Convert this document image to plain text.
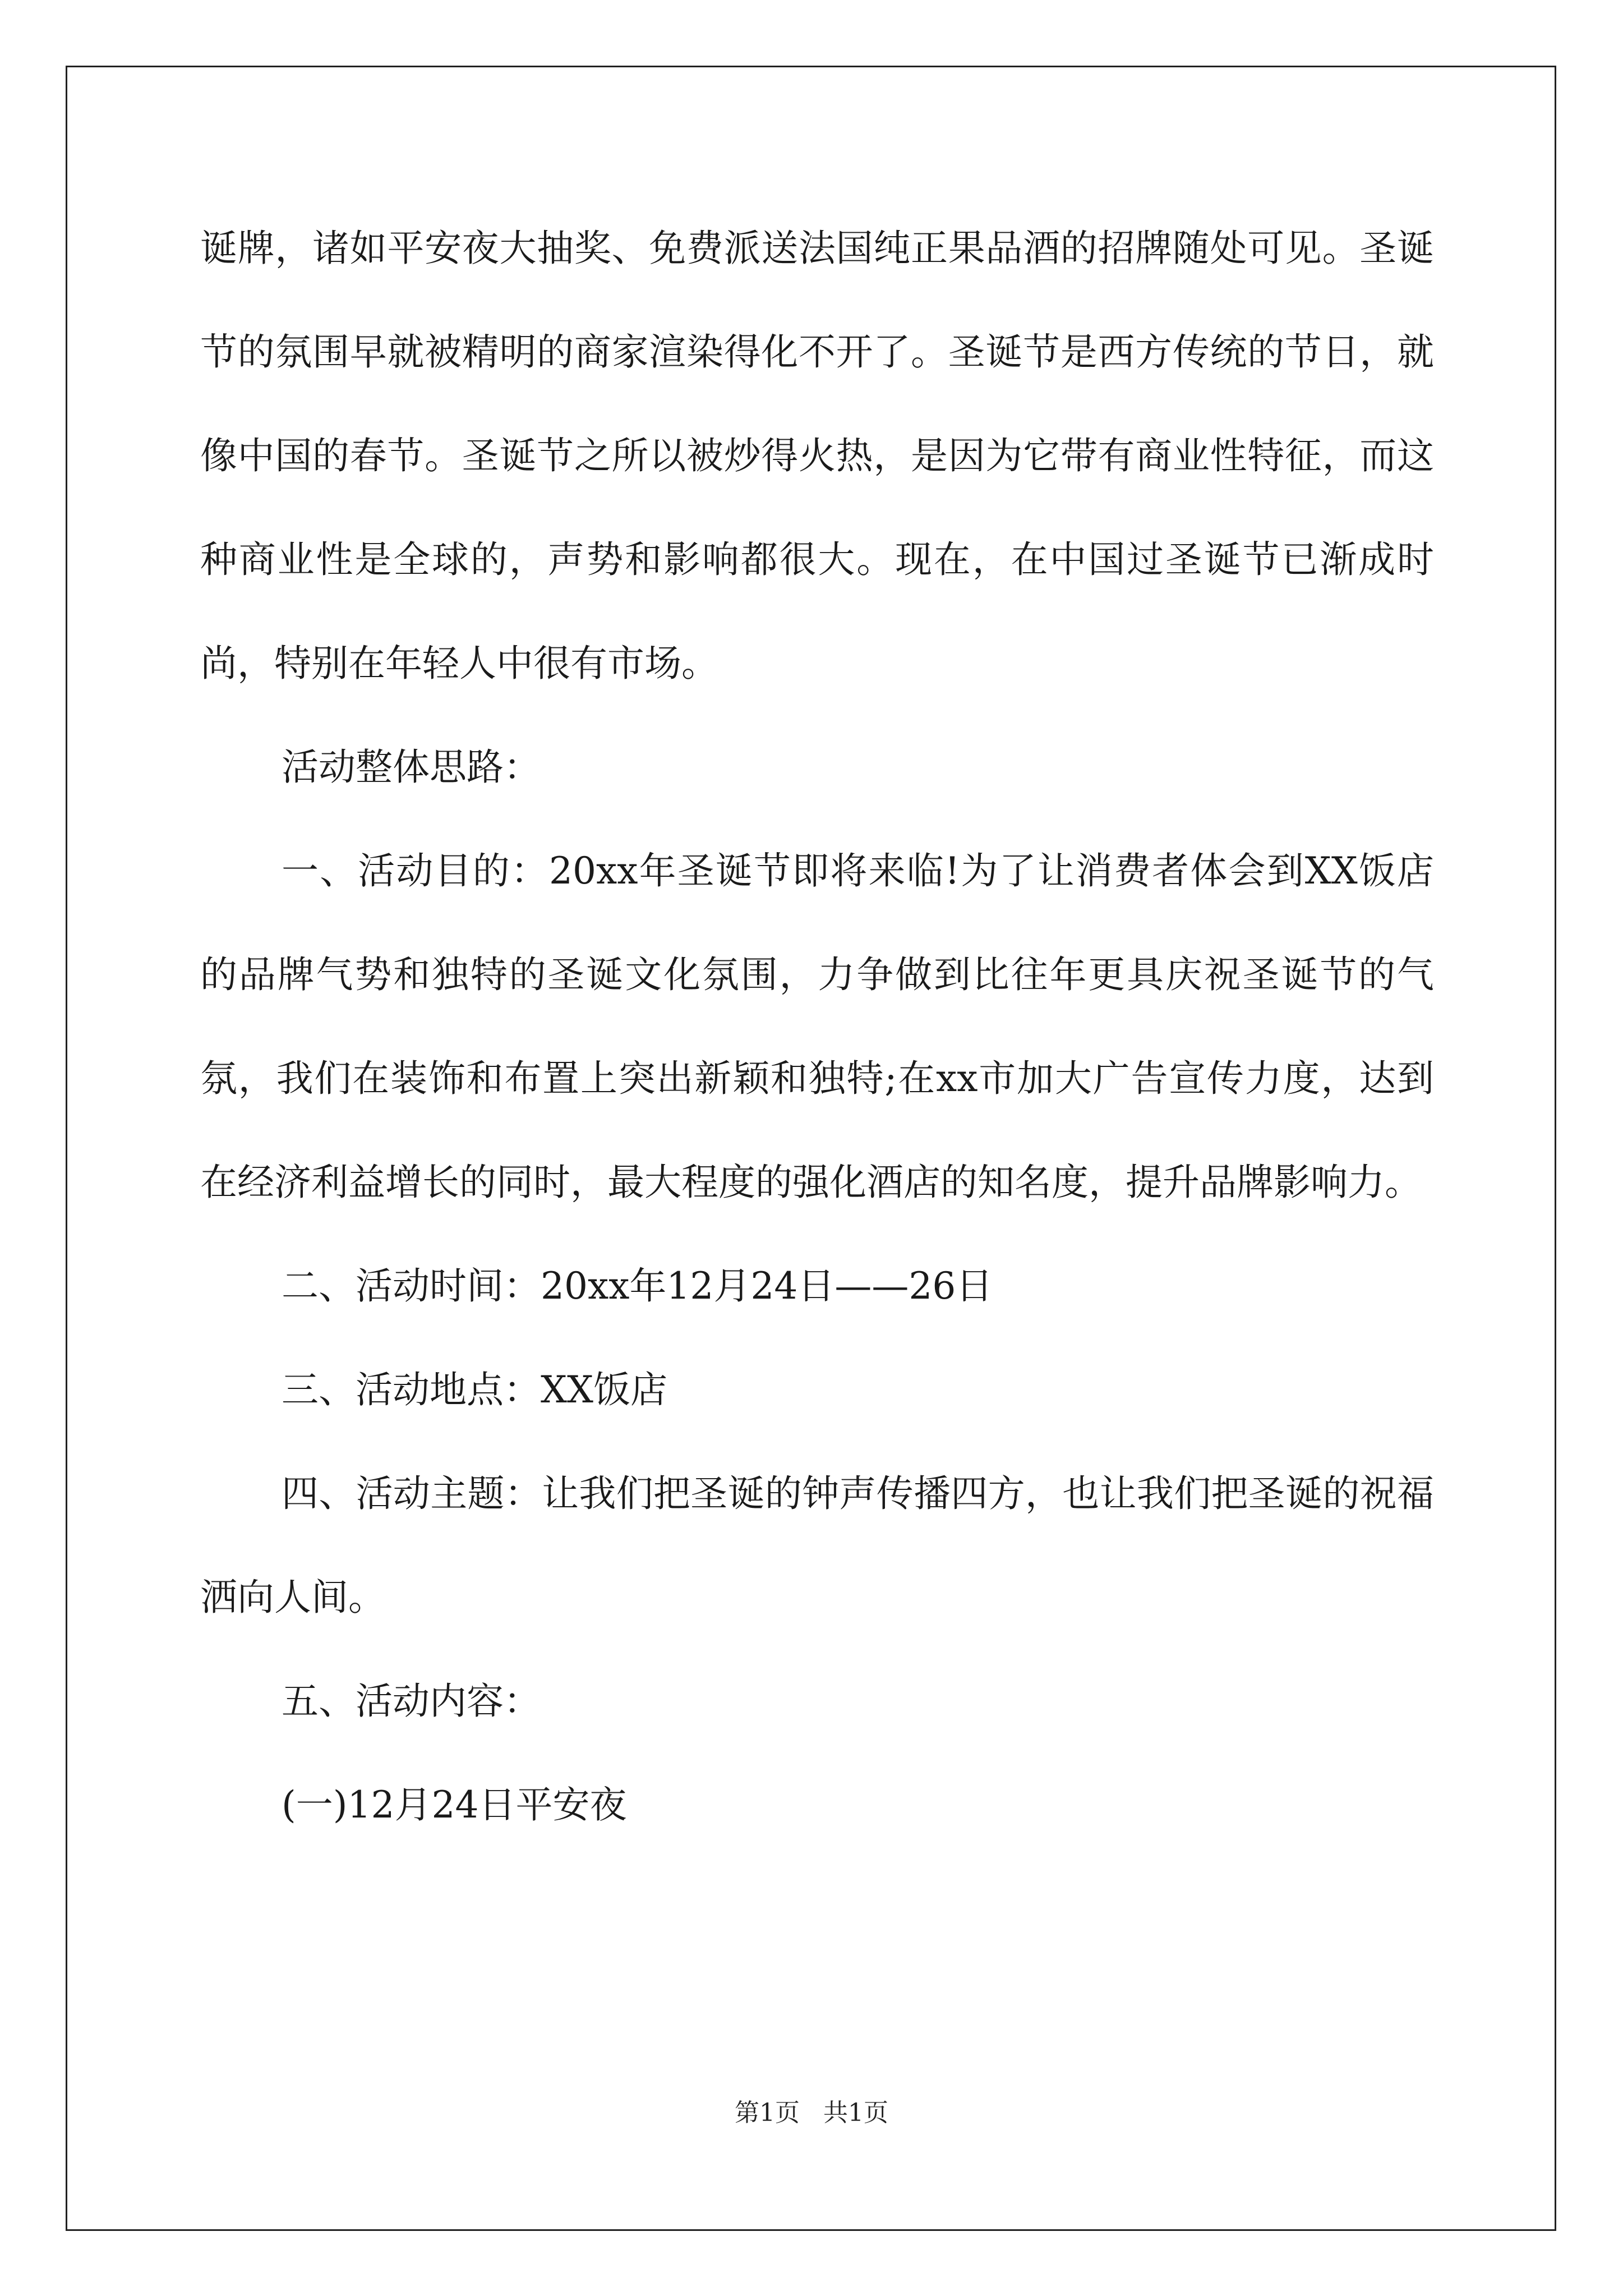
诞牌，诸如平安夜大抽奖、免费派送法国纯正果品酒的招牌随处可见。圣诞节的氛围早就被精明的商家渲染得化不开了。圣诞节是西方传统的节日，就像中国的春节。圣诞节之所以被炒得火热，是因为它带有商业性特征，而这种商业性是全球的，声势和影响都很大。现在，在中国过圣诞节已渐成时尚，特别在年轻人中很有市场。

活动整体思路：

一、活动目的：20xx年圣诞节即将来临!为了让消费者体会到XX饭店的品牌气势和独特的圣诞文化氛围，力争做到比往年更具庆祝圣诞节的气氛，我们在装饰和布置上突出新颖和独特;在xx市加大广告宣传力度，达到在经济利益增长的同时，最大程度的强化酒店的知名度，提升品牌影响力。

二、活动时间：20xx年12月24日——26日

三、活动地点：XX饭店

四、活动主题：让我们把圣诞的钟声传播四方，也让我们把圣诞的祝福洒向人间。

五、活动内容：

(一)12月24日平安夜

第1页   共1页
